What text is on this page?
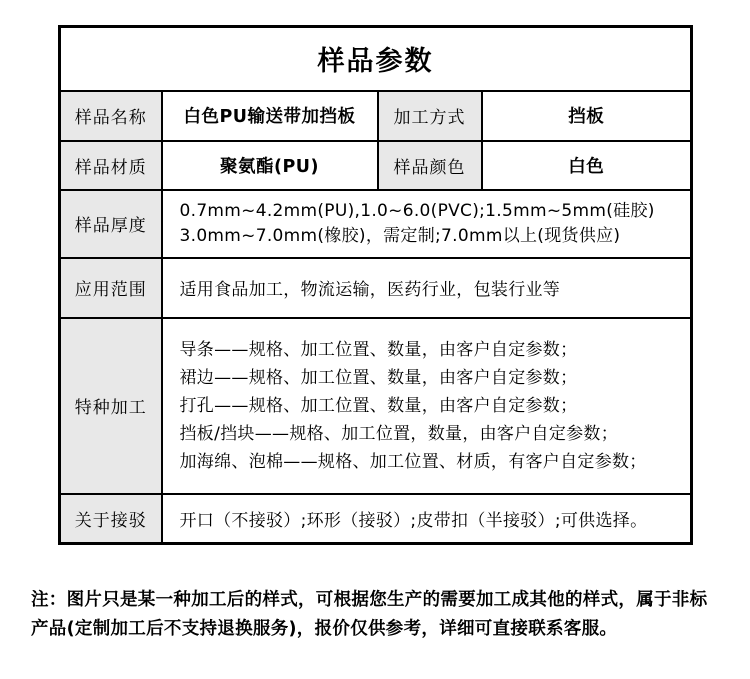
样品参数			
样品名称	白色PU输送带加挡板	加工方式	挡板
样品材质	聚氨酯(PU)	样品颜色	白色
样品厚度	0.7mm~4.2mm(PU),1.0~6.0(PVC);1.5mm~5mm(硅胶)
3.0mm~7.0mm(橡胶)，需定制;7.0mm以上(现货供应)		

应用范围	适用食品加工，物流运输，医药行业，包装行业等		
特种加工	导条——规格、加工位置、数量，由客户自定参数；
裙边——规格、加工位置、数量，由客户自定参数；
打孔——规格、加工位置、数量，由客户自定参数；
挡板/挡块——规格、加工位置，数量，由客户自定参数；
加海绵、泡棉——规格、加工位置、材质，有客户自定参数；		

关于接驳	开口（不接驳）;环形（接驳）;皮带扣（半接驳）;可供选择。		
注：图片只是某一种加工后的样式，可根据您生产的需要加工成其他的样式，属于非标
产品(定制加工后不支持退换服务)，报价仅供参考，详细可直接联系客服。
